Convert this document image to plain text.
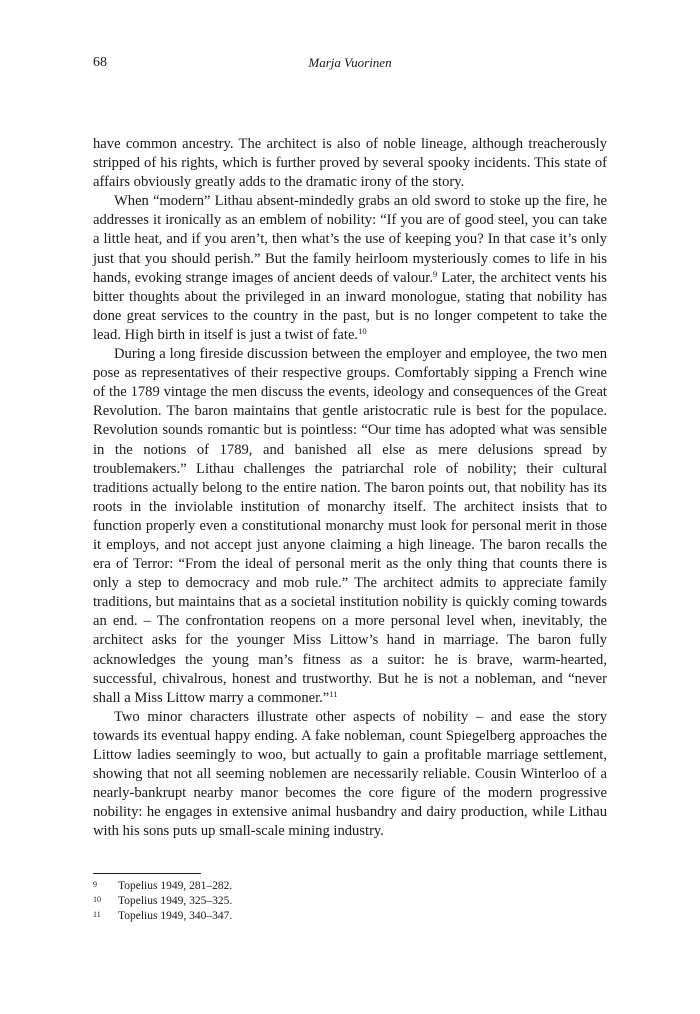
68	Marja Vuorinen

have common ancestry. The architect is also of noble lineage, although treacherously stripped of his rights, which is further proved by several spooky incidents. This state of affairs obviously greatly adds to the dramatic irony of the story.

When “modern” Lithau absent-mindedly grabs an old sword to stoke up the fire, he addresses it ironically as an emblem of nobility: “If you are of good steel, you can take a little heat, and if you aren’t, then what’s the use of keeping you? In that case it’s only just that you should perish.” But the family heirloom mysteriously comes to life in his hands, evoking strange images of ancient deeds of valour.$^9$ Later, the architect vents his bitter thoughts about the privileged in an inward monologue, stating that nobility has done great services to the country in the past, but is no longer competent to take the lead. High birth in itself is just a twist of fate.$^{10}$

During a long fireside discussion between the employer and employee, the two men pose as representatives of their respective groups. Comfortably sipping a French wine of the 1789 vintage the men discuss the events, ideology and consequences of the Great Revolution. The baron maintains that gentle aristocratic rule is best for the populace. Revolution sounds romantic but is pointless: “Our time has adopted what was sensible in the notions of 1789, and banished all else as mere delusions spread by troublemakers.” Lithau challenges the patriarchal role of nobility; their cultural traditions actually belong to the entire nation. The baron points out, that nobility has its roots in the inviolable institution of monarchy itself. The architect insists that to function properly even a constitutional monarchy must look for personal merit in those it employs, and not accept just anyone claiming a high lineage. The baron recalls the era of Terror: “From the ideal of personal merit as the only thing that counts there is only a step to democracy and mob rule.” The architect admits to appreciate family traditions, but maintains that as a societal institution nobility is quickly coming towards an end. – The confrontation reopens on a more personal level when, inevitably, the architect asks for the younger Miss Littow’s hand in marriage. The baron fully acknowledges the young man’s fitness as a suitor: he is brave, warm-hearted, successful, chivalrous, honest and trustworthy. But he is not a nobleman, and “never shall a Miss Littow marry a commoner.”$^{11}$

Two minor characters illustrate other aspects of nobility – and ease the story towards its eventual happy ending. A fake nobleman, count Spiegelberg approaches the Littow ladies seemingly to woo, but actually to gain a profitable marriage settlement, showing that not all seeming noblemen are necessarily reliable. Cousin Winterloo of a nearly-bankrupt nearby manor becomes the core figure of the modern progressive nobility: he engages in extensive animal husbandry and dairy production, while Lithau with his sons puts up small-scale mining industry.

9 Topelius 1949, 281–282.
10 Topelius 1949, 325–325.
11 Topelius 1949, 340–347.
